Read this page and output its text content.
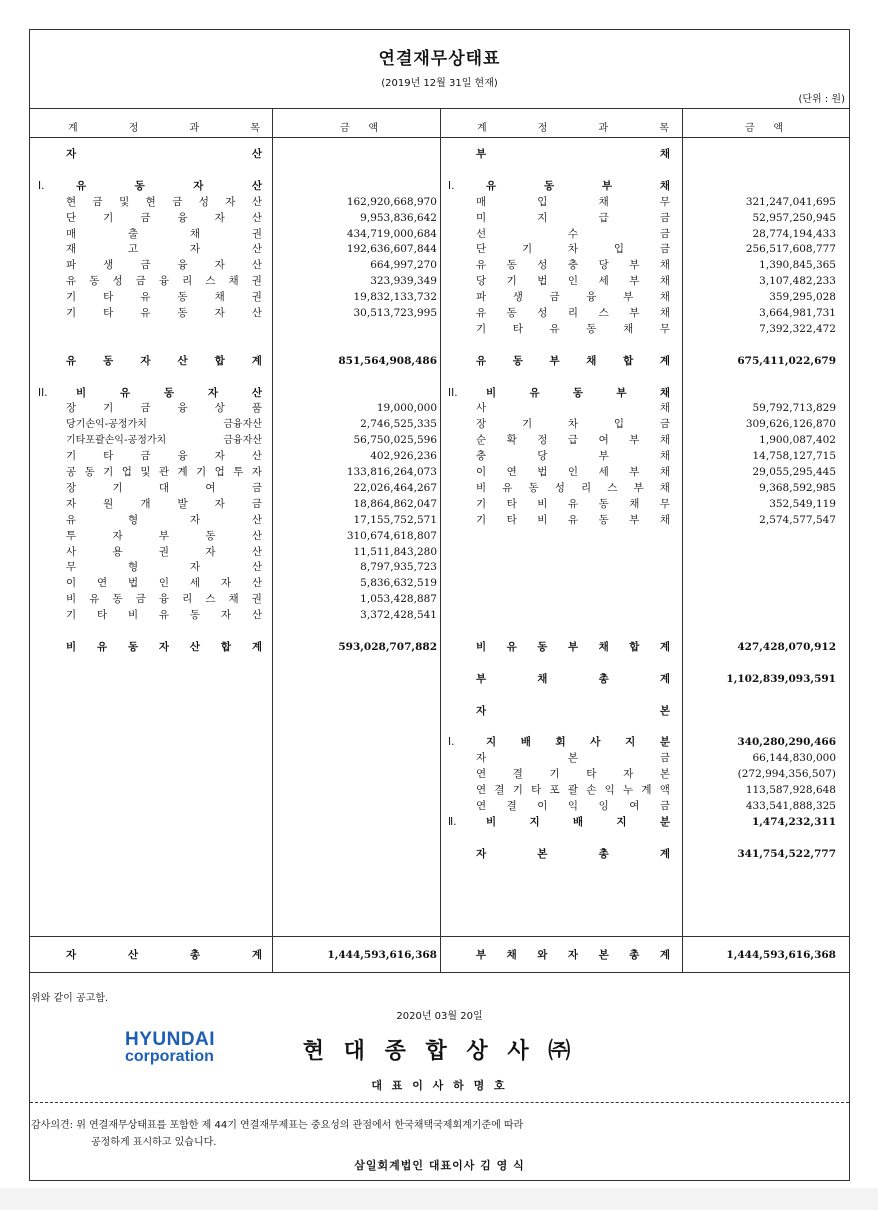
연결재무상태표
(2019년 12월 31일 현재)
(단위 : 원)
계	정	과	목	금 액	계	정	과	목	금 액
자	산
I.	유	동	자	산
현 금 및 현 금 성 자 산	162,920,668,970
단	기	금	융	자	산	9,953,836,642
매	출	채	권	434,719,000,684
재	고	자	산	192,636,607,844
파	생	금	융	자	산	664,997,270
유 동 성 금 융 리 스 채 권	323,939,349
기	타	유	동	채	권	19,832,133,732
기	타	유	동	자	산	30,513,723,995
유	동	자	산	합	계	851,564,908,486
II.	비	유	동	자	산
장	기	금	융	상	품	19,000,000
당기손익-공정가치	금융자산	2,746,525,335
기타포괄손익-공정가치	금융자산	56,750,025,596
기	타	금	융	자	산	402,926,236
공 동 기 업 및 관 계 기 업 투 자	133,816,264,073
장	기	대	여	금	22,026,464,267
자	원	개	발	자	금	18,864,862,047
유	형	자	산	17,155,752,571
투	자	부	동	산	310,674,618,807
사	용	권	자	산	11,511,843,280
무	형	자	산	8,797,935,723
이 연 법 인 세 자 산	5,836,632,519
비 유 동 금 융 리 스 채 권	1,053,428,887
기 타 비 유 동 자 산	3,372,428,541
비 유 동 자 산 합 계	593,028,707,882
부	채
I.	유	동	부	채
매	입	채	무	321,247,041,695
미	지	급	금	52,957,250,945
선	수	금	28,774,194,433
단	기	차	입	금	256,517,608,777
유 동 성 충 당 부 채	1,390,845,365
당 기 법 인 세 부 채	3,107,482,233
파	생	금	융	부	채	359,295,028
유 동 성 리 스 부 채	3,664,981,731
기	타	유	동	채	무	7,392,322,472
유	동	부	채	합	계	675,411,022,679
II.	비	유	동	부	채
사	채	59,792,713,829
장	기	차	입	금	309,626,126,870
순 확 정 급 여 부 채	1,900,087,402
충	당	부	채	14,758,127,715
이 연 법 인 세 부 채	29,055,295,445
비 유 동 성 리 스 부 채	9,368,592,985
기 타 비 유 동 채 무	352,549,119
기 타 비 유 동 부 채	2,574,577,547
비 유 동 부 채 합 계	427,428,070,912
부	채	총	계	1,102,839,093,591
자	본
Ⅰ.	지 배 회 사 지 분	340,280,290,466
자	본	금	66,144,830,000
연	결	기	타	자	본	(272,994,356,507)
연 결 기 타 포 괄 손 익 누 계 액	113,587,928,648
연 결 이 익 잉 여 금	433,541,888,325
Ⅱ.	비	지	배	지	분	1,474,232,311
자	본	총	계	341,754,522,777
자	산	총	계	1,444,593,616,368	부 채 와 자 본 총 계	1,444,593,616,368
위와 같이 공고함.
2020년 03월 20일
HYUNDAI
corporation	현 대 종 합 상 사 ㈜
대 표 이 사 하 명 호
감사의견: 위 연결재무상태표를 포함한 제 44기 연결재무제표는 중요성의 관점에서 한국채택국제회계기준에 따라
공정하게 표시하고 있습니다.
삼일회계법인 대표이사 김 영 식
